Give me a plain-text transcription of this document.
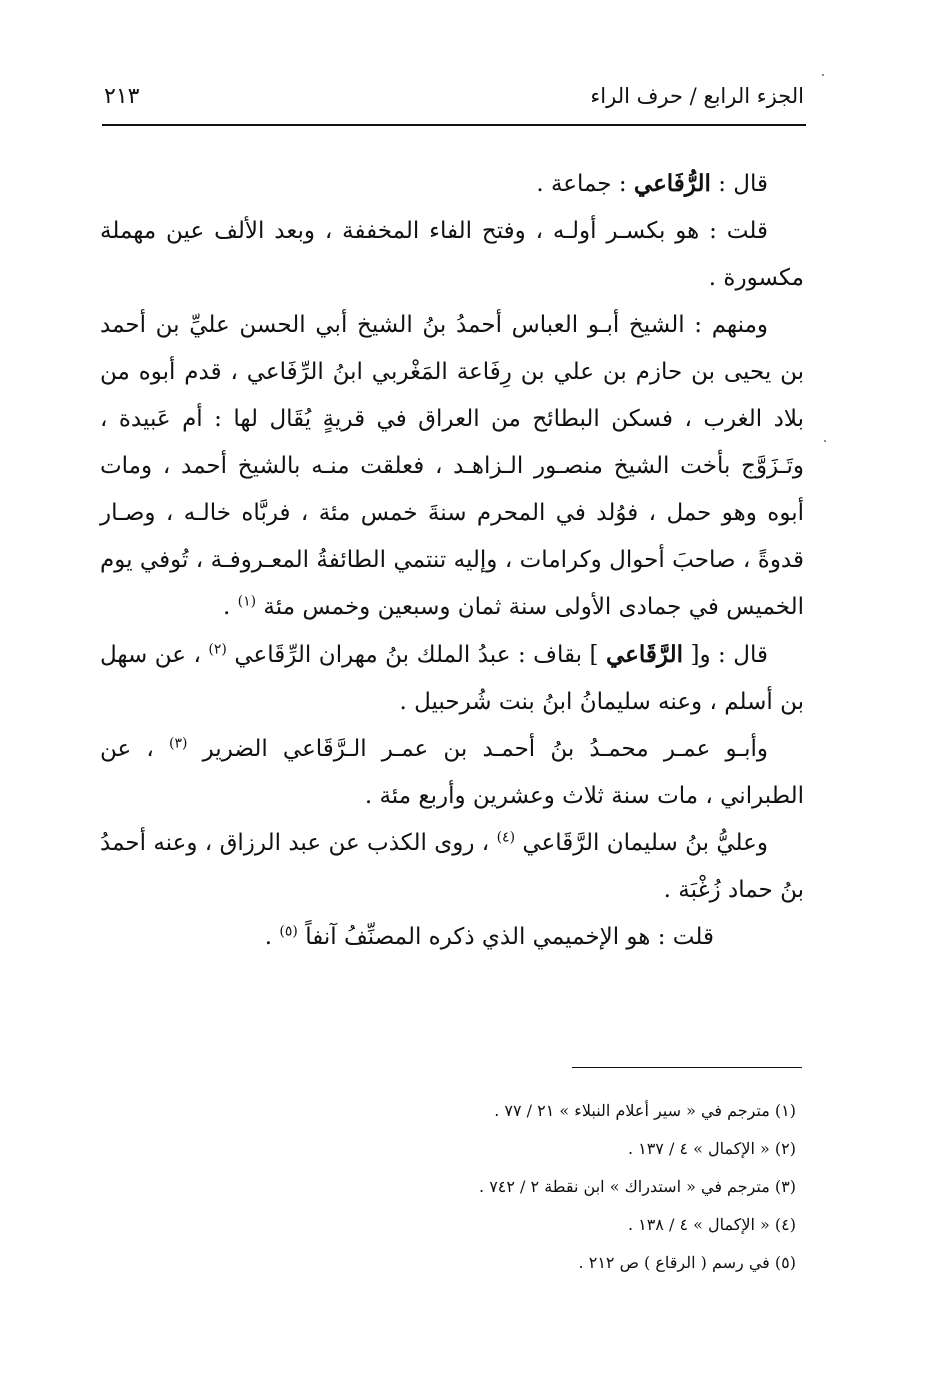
الجزء الرابع / حرف الراء
٢١٣

قال : الرُّفَاعي : جماعة .

قلت : هو بكسـر أولـه ، وفتح الفاء المخففة ، وبعد الألف عين مهملة مكسورة .

ومنهم : الشيخ أبـو العباس أحمدُ بنُ الشيخ أبي الحسن عليِّ بن أحمد بن يحيى بن حازم بن علي بن رِفَاعة المَغْربي ابنُ الرِّفَاعي ، قدم أبوه من بلاد الغرب ، فسكن البطائح من العراق في قريةٍ يُقَال لها : أم عَبيدة ، وتَـزَوَّج بأخت الشيخ منصـور الـزاهـد ، فعلقت منـه بالشيخ أحمد ، ومات أبوه وهو حمل ، فوُلد في المحرم سنةَ خمس مئة ، فربَّاه خالـه ، وصـار قدوةً ، صاحبَ أحوال وكرامات ، وإليه تنتمي الطائفةُ المعـروفـة ، تُوفي يوم الخميس في جمادى الأولى سنة ثمان وسبعين وخمس مئة $^{(١)}$ .

قال : و[ الرَّقَاعي ] بقاف : عبدُ الملك بنُ مهران الرِّقَاعي $^{(٢)}$ ، عن سهل بن أسلم ، وعنه سليمانُ ابنُ بنت شُرحبيل .

وأبـو عمـر محمـدُ بنُ أحمـد بن عمـر الـرَّقَاعي الضرير $^{(٣)}$ ، عن الطبراني ، مات سنة ثلاث وعشرين وأربع مئة .

وعليُّ بنُ سليمان الرَّقَاعي $^{(٤)}$ ، روى الكذب عن عبد الرزاق ، وعنه أحمدُ بنُ حماد زُغْبَة .

قلت : هو الإخميمي الذي ذكره المصنِّفُ آنفاً $^{(٥)}$ .

(١) مترجم في « سير أعلام النبلاء » ٢١ / ٧٧ .

(٢) « الإكمال » ٤ / ١٣٧ .

(٣) مترجم في « استدراك » ابن نقطة ٢ / ٧٤٢ .

(٤) « الإكمال » ٤ / ١٣٨ .

(٥) في رسم ( الرقاع ) ص ٢١٢ .
